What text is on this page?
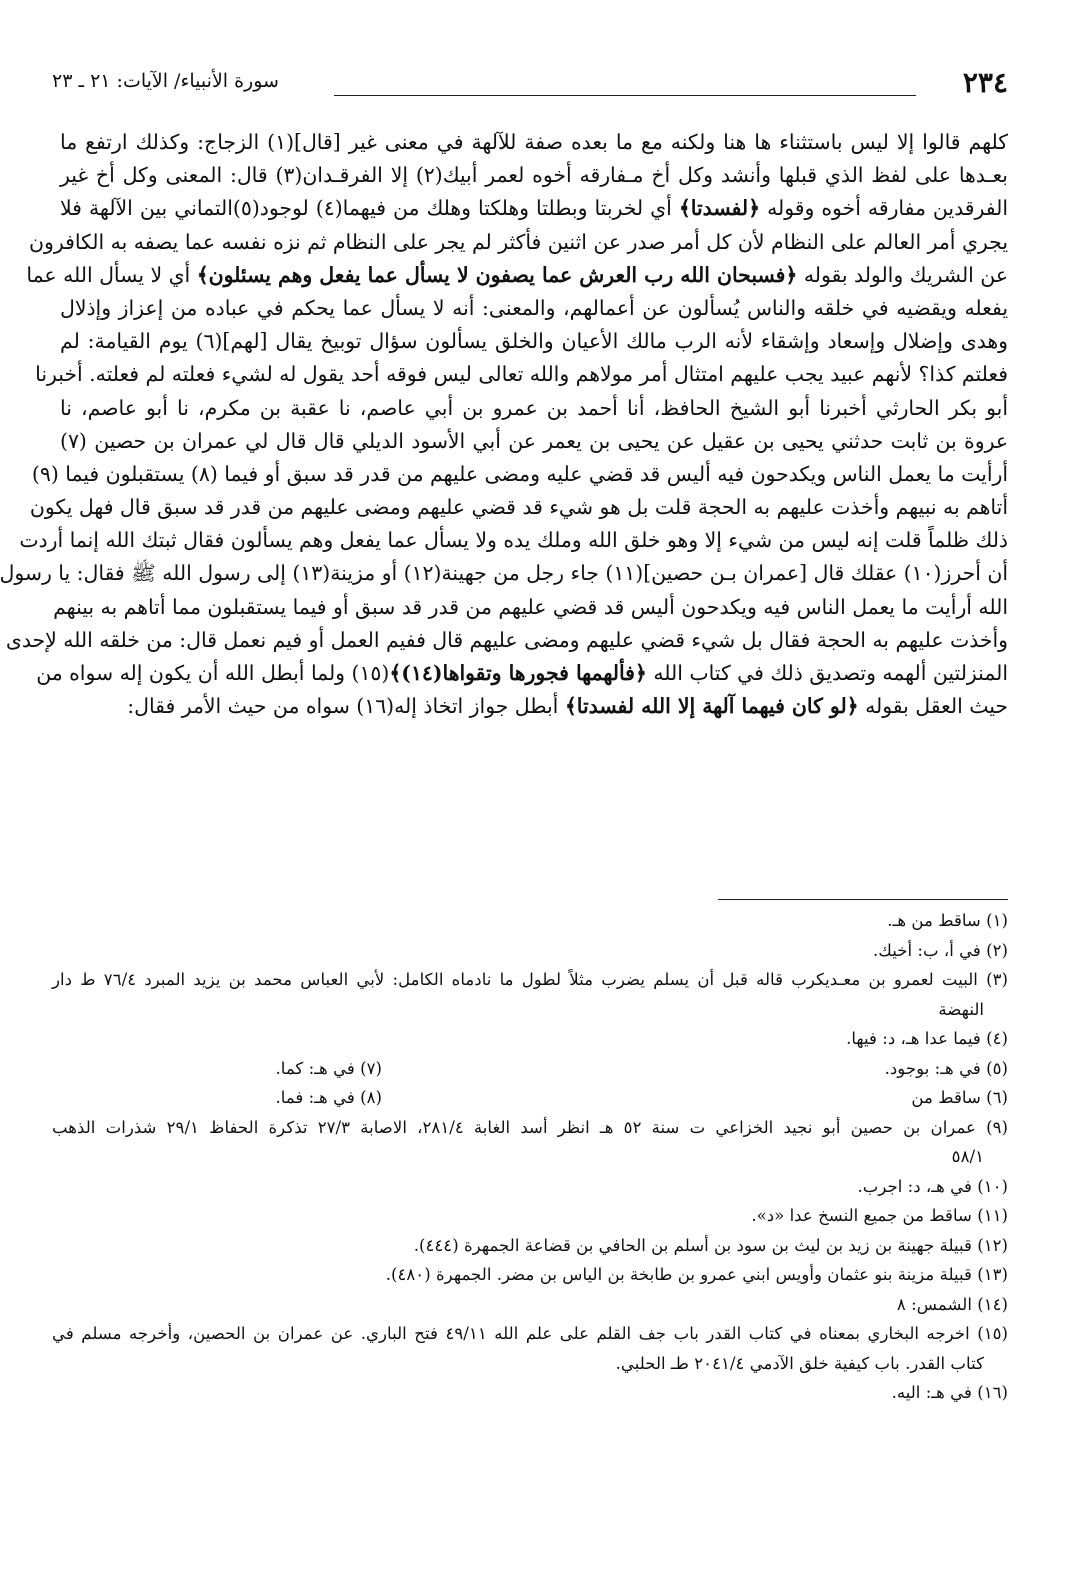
٢٣٤
سورة الأنبياء/ الآيات: ٢١ ـ ٢٣
كلهم قالوا إلا ليس باستثناء ها هنا ولكنه مع ما بعده صفة للآلهة في معنى غير [قال](١) الزجاج: وكذلك ارتفع ما
بعـدها على لفظ الذي قبلها وأنشد وكل أخ مـفارقه أخوه لعمر أبيك(٢) إلا الفرقـدان(٣) قال: المعنى وكل أخ غير
الفرقدين مفارقه أخوه وقوله ﴿لفسدتا﴾ أي لخربتا وبطلتا وهلكتا وهلك من فيهما(٤) لوجود(٥)التماني بين الآلهة فلا
يجري أمر العالم على النظام لأن كل أمر صدر عن اثنين فأكثر لم يجر على النظام ثم نزه نفسه عما يصفه به الكافرون
عن الشريك والولد بقوله ﴿فسبحان الله رب العرش عما يصفون لا يسأل عما يفعل وهم يسئلون﴾ أي لا يسأل الله عما
يفعله ويقضيه في خلقه والناس يُسألون عن أعمالهم، والمعنى: أنه لا يسأل عما يحكم في عباده من إعزاز وإذلال
وهدى وإضلال وإسعاد وإشقاء لأنه الرب مالك الأعيان والخلق يسألون سؤال توبيخ يقال [لهم](٦) يوم القيامة: لم
فعلتم كذا؟ لأنهم عبيد يجب عليهم امتثال أمر مولاهم والله تعالى ليس فوقه أحد يقول له لشيء فعلته لم فعلته. أخبرنا
أبو بكر الحارثي أخبرنا أبو الشيخ الحافظ، أنا أحمد بن عمرو بن أبي عاصم، نا عقبة بن مكرم، نا أبو عاصم، نا
عروة بن ثابت حدثني يحيى بن عقيل عن يحيى بن يعمر عن أبي الأسود الديلي قال قال لي عمران بن حصين (٧)
أرأيت ما يعمل الناس ويكدحون فيه أليس قد قضي عليه ومضى عليهم من قدر قد سبق أو فيما (٨) يستقبلون فيما (٩)
أتاهم به نبيهم وأخذت عليهم به الحجة قلت بل هو شيء قد قضي عليهم ومضى عليهم من قدر قد سبق قال فهل يكون
ذلك ظلماً قلت إنه ليس من شيء إلا وهو خلق الله وملك يده ولا يسأل عما يفعل وهم يسألون فقال ثبتك الله إنما أردت
أن أحرز(١٠) عقلك قال [عمران بـن حصين](١١) جاء رجل من جهينة(١٢) أو مزينة(١٣) إلى رسول الله ﷺ فقال: يا رسول
الله أرأيت ما يعمل الناس فيه ويكدحون أليس قد قضي عليهم من قدر قد سبق أو فيما يستقبلون مما أتاهم به بينهم
وأخذت عليهم به الحجة فقال بل شيء قضي عليهم ومضى عليهم قال ففيم العمل أو فيم نعمل قال: من خلقه الله لإحدى
المنزلتين ألهمه وتصديق ذلك في كتاب الله ﴿فألهمها فجورها وتقواها(١٤)﴾(١٥) ولما أبطل الله أن يكون إله سواه من
حيث العقل بقوله ﴿لو كان فيهما آلهة إلا الله لفسدتا﴾ أبطل جواز اتخاذ إله(١٦) سواه من حيث الأمر فقال:
(١) ساقط من هـ.
(٢) في أ، ب: أخيك.
(٣) البيت لعمرو بن معـديكرب قاله قبل أن يسلم يضرب مثلاً لطول ما نادماه الكامل: لأبي العباس محمد بن يزيد المبرد ٧٦/٤ ط دار
النهضة
(٤) فيما عدا هـ، د: فيها.
(٥) في هـ: بوجود.
(٧) في هـ: كما.
(٦) ساقط من
(٨) في هـ: فما.
(٩) عمران بن حصين أبو نجيد الخزاعي ت سنة ٥٢ هـ انظر أسد الغابة ٢٨١/٤، الاصابة ٢٧/٣ تذكرة الحفاظ ٢٩/١ شذرات الذهب
٥٨/١
(١٠) في هـ، د: اجرب.
(١١) ساقط من جميع النسخ عدا «د».
(١٢) قبيلة جهينة بن زيد بن ليث بن سود بن أسلم بن الحافي بن قضاعة الجمهرة (٤٤٤).
(١٣) قبيلة مزينة بنو عثمان وأويس ابني عمرو بن طابخة بن الياس بن مضر. الجمهرة (٤٨٠).
(١٤) الشمس: ٨
(١٥) اخرجه البخاري بمعناه في كتاب القدر باب جف القلم على علم الله ٤٩/١١ فتح الباري. عن عمران بن الحصين، وأخرجه مسلم في
كتاب القدر. باب كيفية خلق الآدمي ٢٠٤١/٤ طـ الحلبي.
(١٦) في هـ: اليه.
